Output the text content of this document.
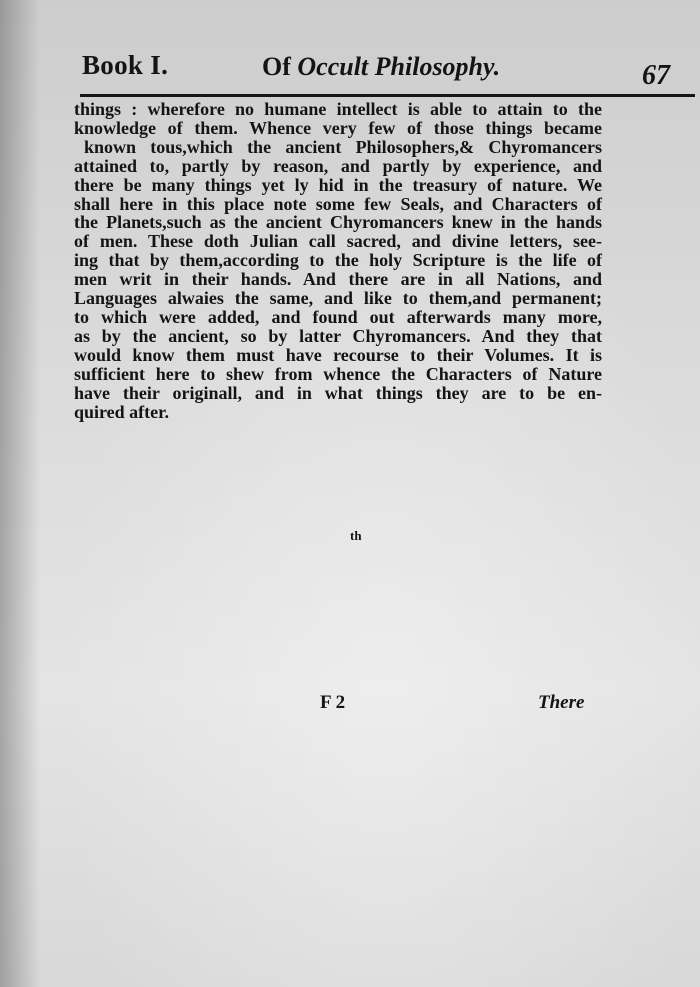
Book I.	Of Occult Philosophy.	67
things : wherefore no humane intellect is able to attain to the
knowledge of them. Whence very few of those things became
known tous,which the ancient Philosophers,& Chyromancers
attained to, partly by reason, and partly by experience, and
there be many things yet ly hid in the treasury of nature. We
shall here in this place note some few Seals, and Characters of
the Planets,such as the ancient Chyromancers knew in the hands
of men. These doth Julian call sacred, and divine letters, see-
ing that by them,according to the holy Scripture is the life of
men writ in their hands. And there are in all Nations, and
Languages alwaies the same, and like to them,and permanent;
to which were added, and found out afterwards many more,
as by the ancient, so by latter Chyromancers. And they that
would know them must have recourse to their Volumes. It is
sufficient here to shew from whence the Characters of Nature
have their originall, and in what things they are to be en-
quired after.
th
F 2	There
